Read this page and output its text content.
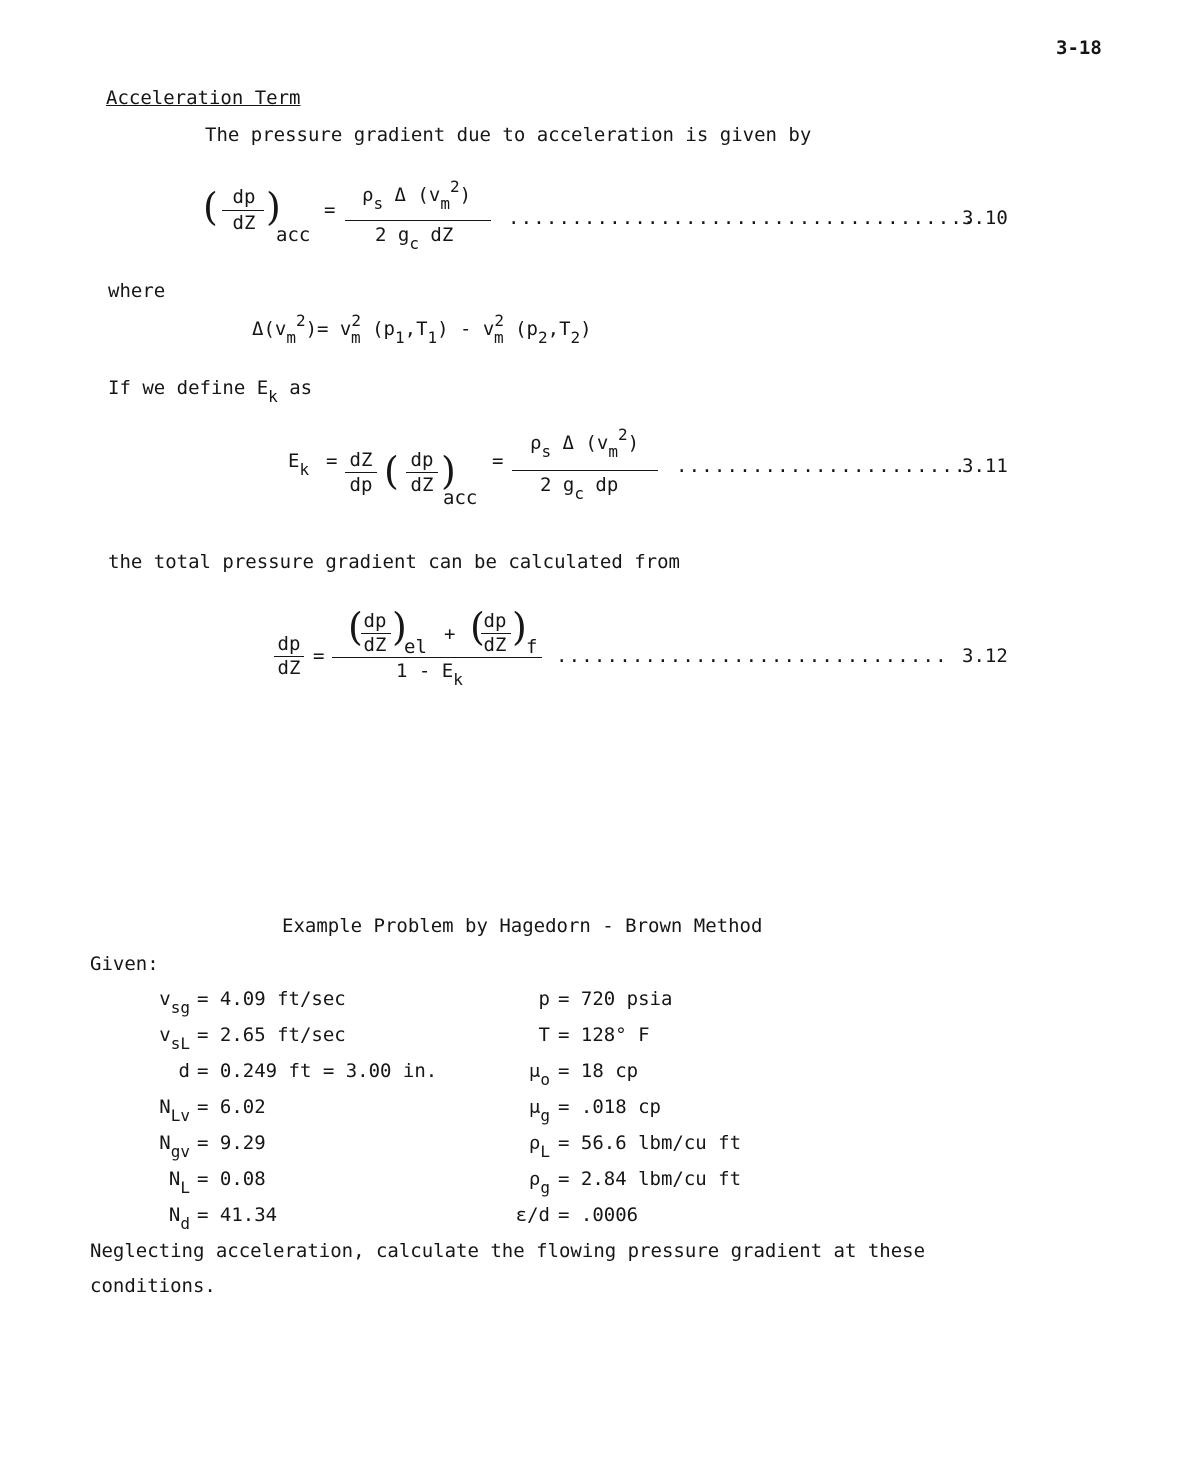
3-18
Acceleration Term
The pressure gradient due to acceleration is given by
( dp
dZ )
acc
=
$\rho_s$ Δ $(v_m^2)$
2 $g_c$ dZ
.....................................
3.10
where
$\Delta(v_m^2)= v^2_m$ $(p_1,T_1) - v^2_m$ $(p_2,T_2)$
If we define $E_k$ as
$E_k$ = dZ
dp ( dp
dZ )
acc
=
$\rho_s$ Δ $(v_m^2)$
2 $g_c$ dp
.......................
3.11
the total pressure gradient can be calculated from
dp
dZ
=
( dp
dZ )
el
+ (
dp
dZ ) f
$1 - E_k$
............................... 3.12
Example Problem by Hagedorn - Brown Method
Given:
$v_{sg} = 4.09$ ft/sec
$v_{sL} = 2.65$ ft/sec
d = 0.249 ft = 3.00 in.
$N_{Lv} = 6.02$
$N_{gv} = 9.29$
$N_L = 0.08$
$N_d = 41.34$
p = 720 psia
T = 128° F
$\mu_o = 18$ cp
$\mu_g = .018$ cp
$\rho_L = 56.6$ lbm/cu ft
$\rho_g = 2.84$ lbm/cu ft
ε/d = .0006
Neglecting acceleration, calculate the flowing pressure gradient at these
conditions.
